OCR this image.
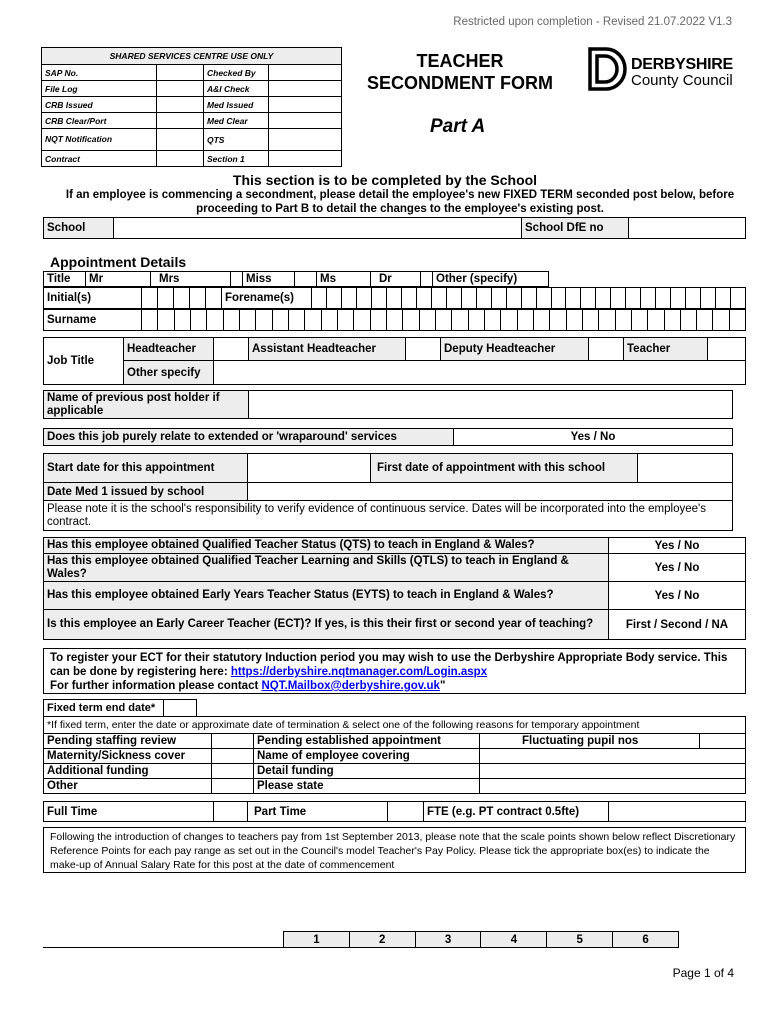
Restricted upon completion - Revised 21.07.2022 V1.3
SHARED SERVICES CENTRE USE ONLY			
SAP No.		Checked By	
File Log		A&I Check	
CRB Issued		Med Issued	
CRB Clear/Port		Med Clear	
NQT Notification		QTS	
Contract		Section 1	
TEACHER
SECONDMENT FORM
Part A
DERBYSHIRE
County Council
This section is to be completed by the School
If an employee is commencing a secondment, please detail the employee's new FIXED TERM seconded post below, before proceeding to Part B to detail the changes to the employee's existing post.
School		School DfE no	
Appointment Details
Title	Mr	Mrs		Miss		Ms	Dr		Other (specify)
Initial(s)		Forename(s)	
Surname	
Job Title	Headteacher		Assistant Headteacher		Deputy Headteacher		Teacher	
	Other specify							
Name of previous post holder if applicable	
Does this job purely relate to extended or 'wraparound' services	Yes / No
Start date for this appointment		First date of appointment with this school	
Date Med 1 issued by school			
Please note it is the school's responsibility to verify evidence of continuous service. Dates will be incorporated into the employee's contract.			
Has this employee obtained Qualified Teacher Status (QTS) to teach in England & Wales?	Yes / No
Has this employee obtained Qualified Teacher Learning and Skills (QTLS) to teach in England & Wales?	Yes / No
Has this employee obtained Early Years Teacher Status (EYTS) to teach in England & Wales?	Yes / No
Is this employee an Early Career Teacher (ECT)? If yes, is this their first or second year of teaching?	First / Second / NA
To register your ECT for their statutory Induction period you may wish to use the Derbyshire Appropriate Body service. This can be done by registering here: https://derbyshire.nqtmanager.com/Login.aspx
For further information please contact NQT.Mailbox@derbyshire.gov.uk"
Fixed term end date*		
*If fixed term, enter the date or approximate date of termination & select one of the following reasons for temporary appointment				
Pending staffing review		Pending established appointment	Fluctuating pupil nos	
Maternity/Sickness cover		Name of employee covering		
Additional funding		Detail funding		
Other		Please state		
Full Time		Part Time		FTE (e.g. PT contract 0.5fte)	
Following the introduction of changes to teachers pay from 1st September 2013, please note that the scale points shown below reflect Discretionary Reference Points for each pay range as set out in the Council's model Teacher's Pay Policy. Please tick the appropriate box(es) to indicate the make-up of Annual Salary Rate for this post at the date of commencement
1	2	3	4	5	6
Page 1 of 4
